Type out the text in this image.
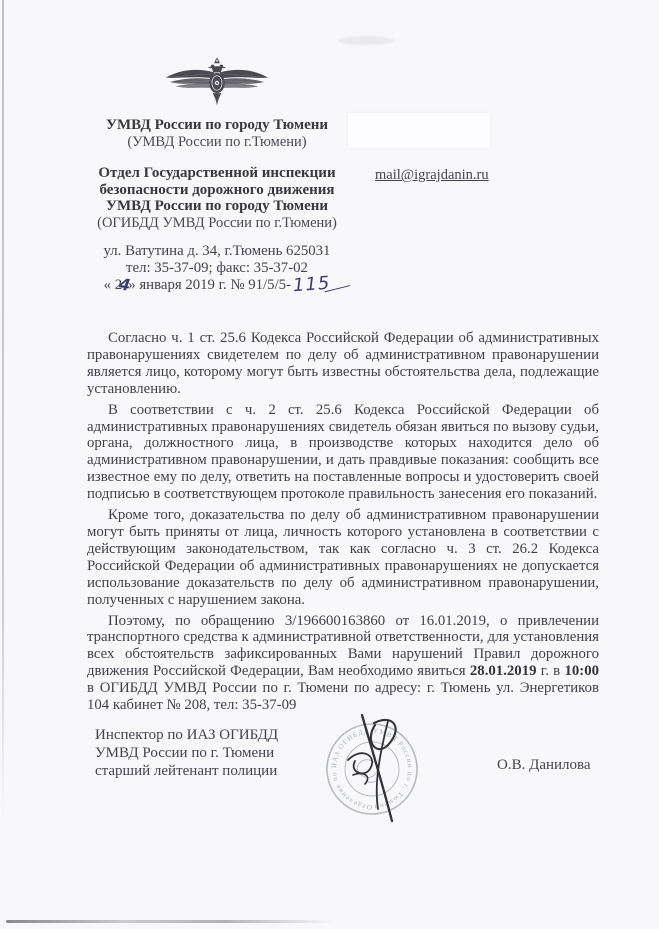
УМВД России по городу Тюмени
(УМВД России по г.Тюмени)
Отдел Государственной инспекции
безопасности дорожного движения
УМВД России по городу Тюмени
(ОГИБДД УМВД России по г.Тюмени)
mail@igrajdanin.ru
ул. Ватутина д. 34, г.Тюмень 625031
тел: 35-37-09; факс: 35-37-02
« 24» января 2019 г. № 91/5/5-115

Согласно ч. 1 ст. 25.6 Кодекса Российской Федерации об административных правонарушениях свидетелем по делу об административном правонарушении является лицо, которому могут быть известны обстоятельства дела, подлежащие установлению.

В соответствии с ч. 2 ст. 25.6 Кодекса Российской Федерации об административных правонарушениях свидетель обязан явиться по вызову судьи, органа, должностного лица, в производстве которых находится дело об административном правонарушении, и дать правдивые показания: сообщить все известное ему по делу, ответить на поставленные вопросы и удостоверить своей подписью в соответствующем протоколе правильность занесения его показаний.

Кроме того, доказательства по делу об административном правонарушении могут быть приняты от лица, личность которого установлена в соответствии с действующим законодательством, так как согласно ч. 3 ст. 26.2 Кодекса Российской Федерации об административных правонарушениях не допускается использование доказательств по делу об административном правонарушении, полученных с нарушением закона.

Поэтому, по обращению 3/196600163860 от 16.01.2019, о привлечении транспортного средства к административной ответственности, для установления всех обстоятельств зафиксированных Вами нарушений Правил дорожного движения Российской Федерации, Вам необходимо явиться 28.01.2019 г. в 10:00 в ОГИБДД УМВД России по г. Тюмени по адресу: г. Тюмень ул. Энергетиков 104 кабинет № 208, тел: 35-37-09

Инспектор по ИАЗ ОГИБДД
УМВД России по г. Тюмени
старший лейтенант полиции
Отделение по ИАЗ ОГИБДД УМВД России по г. Тюмени
О.В. Данилова
